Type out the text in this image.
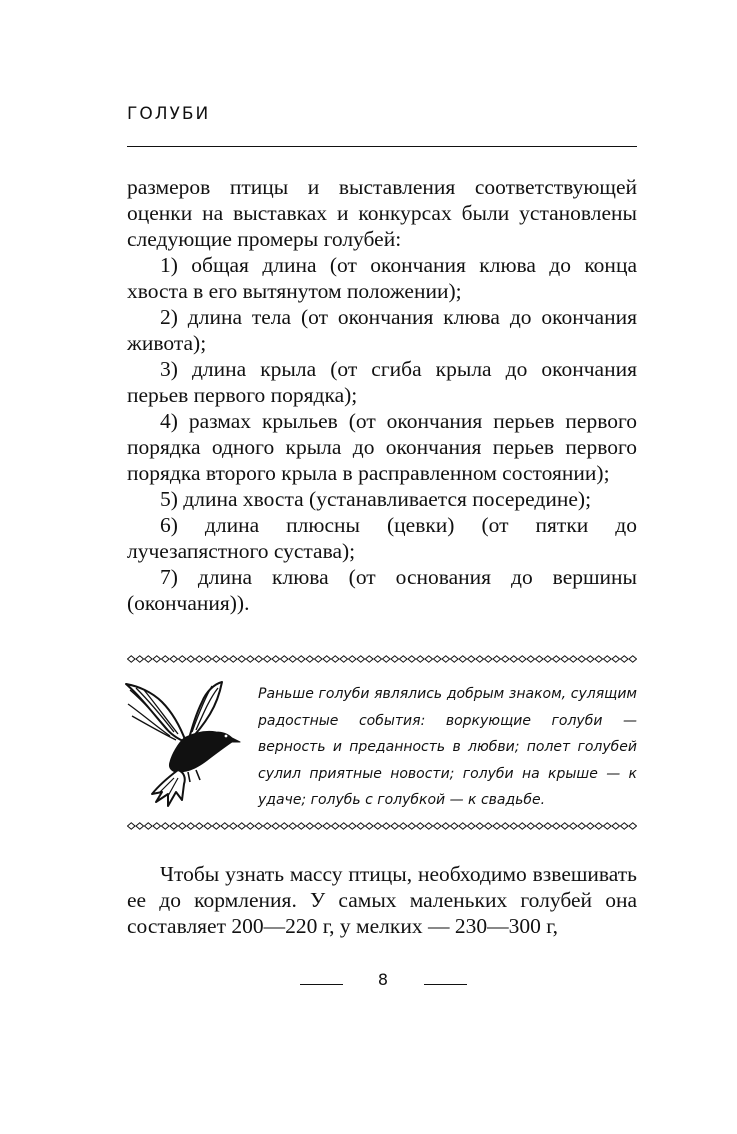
ГОЛУБИ

размеров птицы и выставления соответствующей оценки на выставках и конкурсах были установлены следующие промеры голубей:

1) общая длина (от окончания клюва до конца хвоста в его вытянутом положении);

2) длина тела (от окончания клюва до окончания живота);

3) длина крыла (от сгиба крыла до окончания перьев первого порядка);

4) размах крыльев (от окончания перьев первого порядка одного крыла до окончания перьев первого порядка второго крыла в расправленном состоянии);

5) длина хвоста (устанавливается посередине);

6) длина плюсны (цевки) (от пятки до лучезапястного сустава);

7) длина клюва (от основания до вершины (окончания)).

Раньше голуби являлись добрым знаком, сулящим радостные события: воркующие голуби — верность и преданность в любви; полет голубей сулил приятные новости; голуби на крыше — к удаче; голубь с голубкой — к свадьбе.

Чтобы узнать массу птицы, необходимо взвешивать ее до кормления. У самых маленьких голубей она составляет 200—220 г, у мелких — 230—300 г,

8
